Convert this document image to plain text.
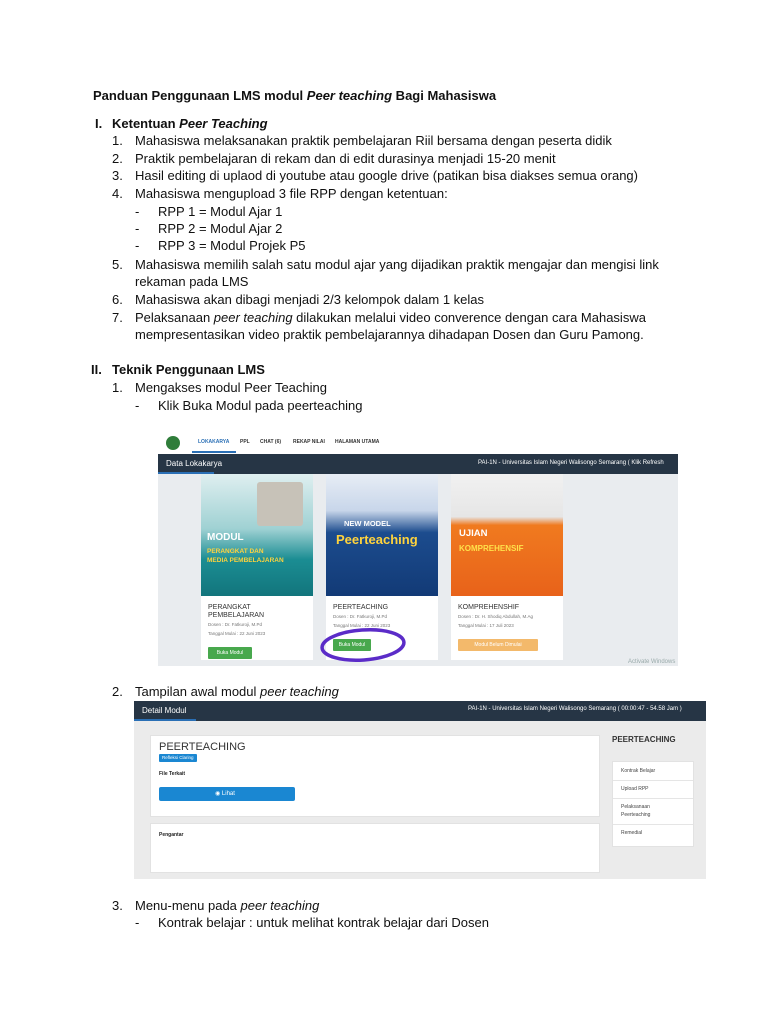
Panduan Penggunaan LMS modul Peer teaching Bagi Mahasiswa
I. Ketentuan Peer Teaching
1. Mahasiswa melaksanakan praktik pembelajaran Riil bersama dengan peserta didik
2. Praktik pembelajaran di rekam dan di edit durasinya menjadi 15-20 menit
3. Hasil editing di uplaod di youtube atau google drive (patikan bisa diakses semua orang)
4. Mahasiswa mengupload 3 file RPP dengan ketentuan:
- RPP 1 = Modul Ajar 1
- RPP 2 = Modul Ajar 2
- RPP 3 = Modul Projek P5
5. Mahasiswa memilih salah satu modul ajar yang dijadikan praktik mengajar dan mengisi link
rekaman pada LMS
6. Mahasiswa akan dibagi menjadi 2/3 kelompok dalam 1 kelas
7. Pelaksanaan peer teaching dilakukan melalui video converence dengan cara Mahasiswa
mempresentasikan video praktik pembelajarannya dihadapan Dosen dan Guru Pamong.
II. Teknik Penggunaan LMS
1. Mengakses modul Peer Teaching
- Klik Buka Modul pada peerteaching
LOKAKARYA PPL CHAT (6) REKAP NILAI HALAMAN UTAMA
Data Lokakarya	PAI-1N - Universitas Islam Negeri Walisongo Semarang ( Klik Refresh
MODUL
PERANGKAT DAN
MEDIA PEMBELAJARAN
PERANGKAT
PEMBELAJARAN
Dosen : Dr. Fatkuroji, M.Pd
Tanggal Mulai : 22 Juni 2023
Buka Modul
NEW MODEL
Peerteaching
PEERTEACHING
Dosen : Dr. Fatkuroji, M.Pd
Tanggal Mulai : 22 Juni 2023
Buka Modul
UJIAN
KOMPREHENSIF
KOMPREHENSHIF
Dosen : Dr. H. Shodiq Abdullah, M.Ag
Tanggal Mulai : 17 Juli 2023
Modul Belum Dimulai
Activate Windows
2. Tampilan awal modul peer teaching
Detail Modul	PAI-1N - Universitas Islam Negeri Walisongo Semarang ( 00:00:47 - 54.58 Jam )
PEERTEACHING
Refleksi Claring
File Terkait
◉ Lihat
Pengantar
PEERTEACHING
Kontrak Belajar
Upload RPP
Pelaksanaan
Peerteaching
Remedial
3. Menu-menu pada peer teaching
- Kontrak belajar : untuk melihat kontrak belajar dari Dosen
